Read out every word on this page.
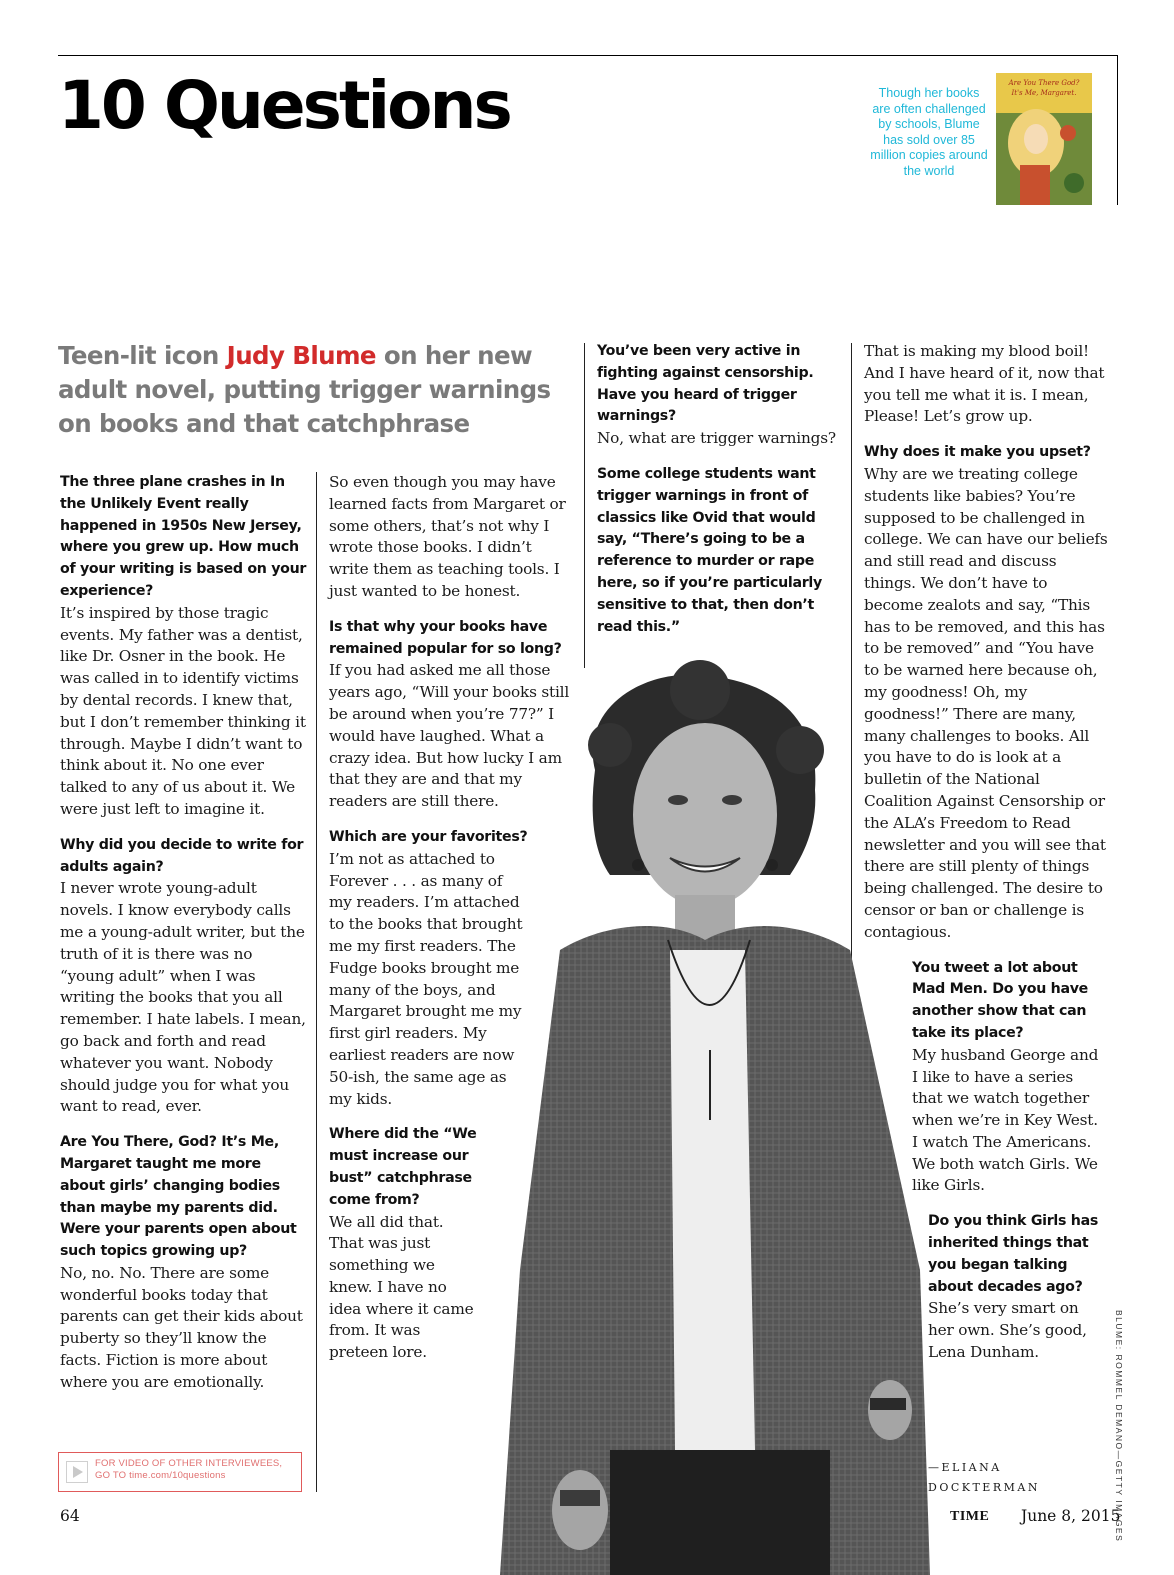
10 Questions	Though her books are often challenged by schools, Blume has sold over 85 million copies around the world
Are You There God?
It's Me, Margaret.
Teen-lit icon Judy Blume on her new adult novel, putting trigger warnings on books and that catchphrase

The three plane crashes in In the Unlikely Event really happened in 1950s New Jersey, where you grew up. How much of your writing is based on your experience?
It’s inspired by those tragic events. My father was a dentist, like Dr. Osner in the book. He was called in to identify victims by dental records. I knew that, but I don’t remember thinking it through. Maybe I didn’t want to think about it. No one ever talked to any of us about it. We were just left to imagine it.

Why did you decide to write for adults again?
I never wrote young-adult novels. I know everybody calls me a young-adult writer, but the truth of it is there was no “young adult” when I was writing the books that you all remember. I hate labels. I mean, go back and forth and read whatever you want. Nobody should judge you for what you want to read, ever.

Are You There, God? It’s Me, Margaret taught me more about girls’ changing bodies than maybe my parents did. Were your parents open about such topics growing up?
No, no. No. There are some wonderful books today that parents can get their kids about puberty so they’ll know the facts. Fiction is more about where you are emotionally.

So even though you may have learned facts from Margaret or some others, that’s not why I wrote those books. I didn’t write them as teaching tools. I just wanted to be honest.

Is that why your books have remained popular for so long?
If you had asked me all those years ago, “Will your books still be around when you’re 77?” I would have laughed. What a crazy idea. But how lucky I am that they are and that my readers are still there.

Which are your favorites?
I’m not as attached to Forever . . . as many of my readers. I’m attached to the books that brought me my first readers. The Fudge books brought me many of the boys, and Margaret brought me my first girl readers. My earliest readers are now 50-ish, the same age as my kids.

Where did the “We must increase our bust” catchphrase come from?
We all did that. That was just something we knew. I have no idea where it came from. It was preteen lore.

You’ve been very active in fighting against censorship. Have you heard of trigger warnings?
No, what are trigger warnings?

Some college students want trigger warnings in front of classics like Ovid that would say, “There’s going to be a reference to murder or rape here, so if you’re particularly sensitive to that, then don’t read this.”

That is making my blood boil! And I have heard of it, now that you tell me what it is. I mean, Please! Let’s grow up.

Why does it make you upset?
Why are we treating college students like babies? You’re supposed to be challenged in college. We can have our beliefs and still read and discuss things. We don’t have to become zealots and say, “This has to be removed, and this has to be removed” and “You have to be warned here because oh, my goodness! Oh, my goodness!” There are many, many challenges to books. All you have to do is look at a bulletin of the National Coalition Against Censorship or the ALA’s Freedom to Read newsletter and you will see that there are still plenty of things being challenged. The desire to censor or ban or challenge is contagious.

You tweet a lot about Mad Men. Do you have another show that can take its place?
My husband George and I like to have a series that we watch together when we’re in Key West. I watch The Americans. We both watch Girls. We like Girls.

Do you think Girls has inherited things that you began talking about decades ago?
She’s very smart on her own. She’s good, Lena Dunham.

—ELIANA
DOCKTERMAN
FOR VIDEO OF OTHER INTERVIEWEES,
GO TO time.com/10questions	BLUME: ROMMEL DEMANO—GETTY IMAGES
64	TIME June 8, 2015
